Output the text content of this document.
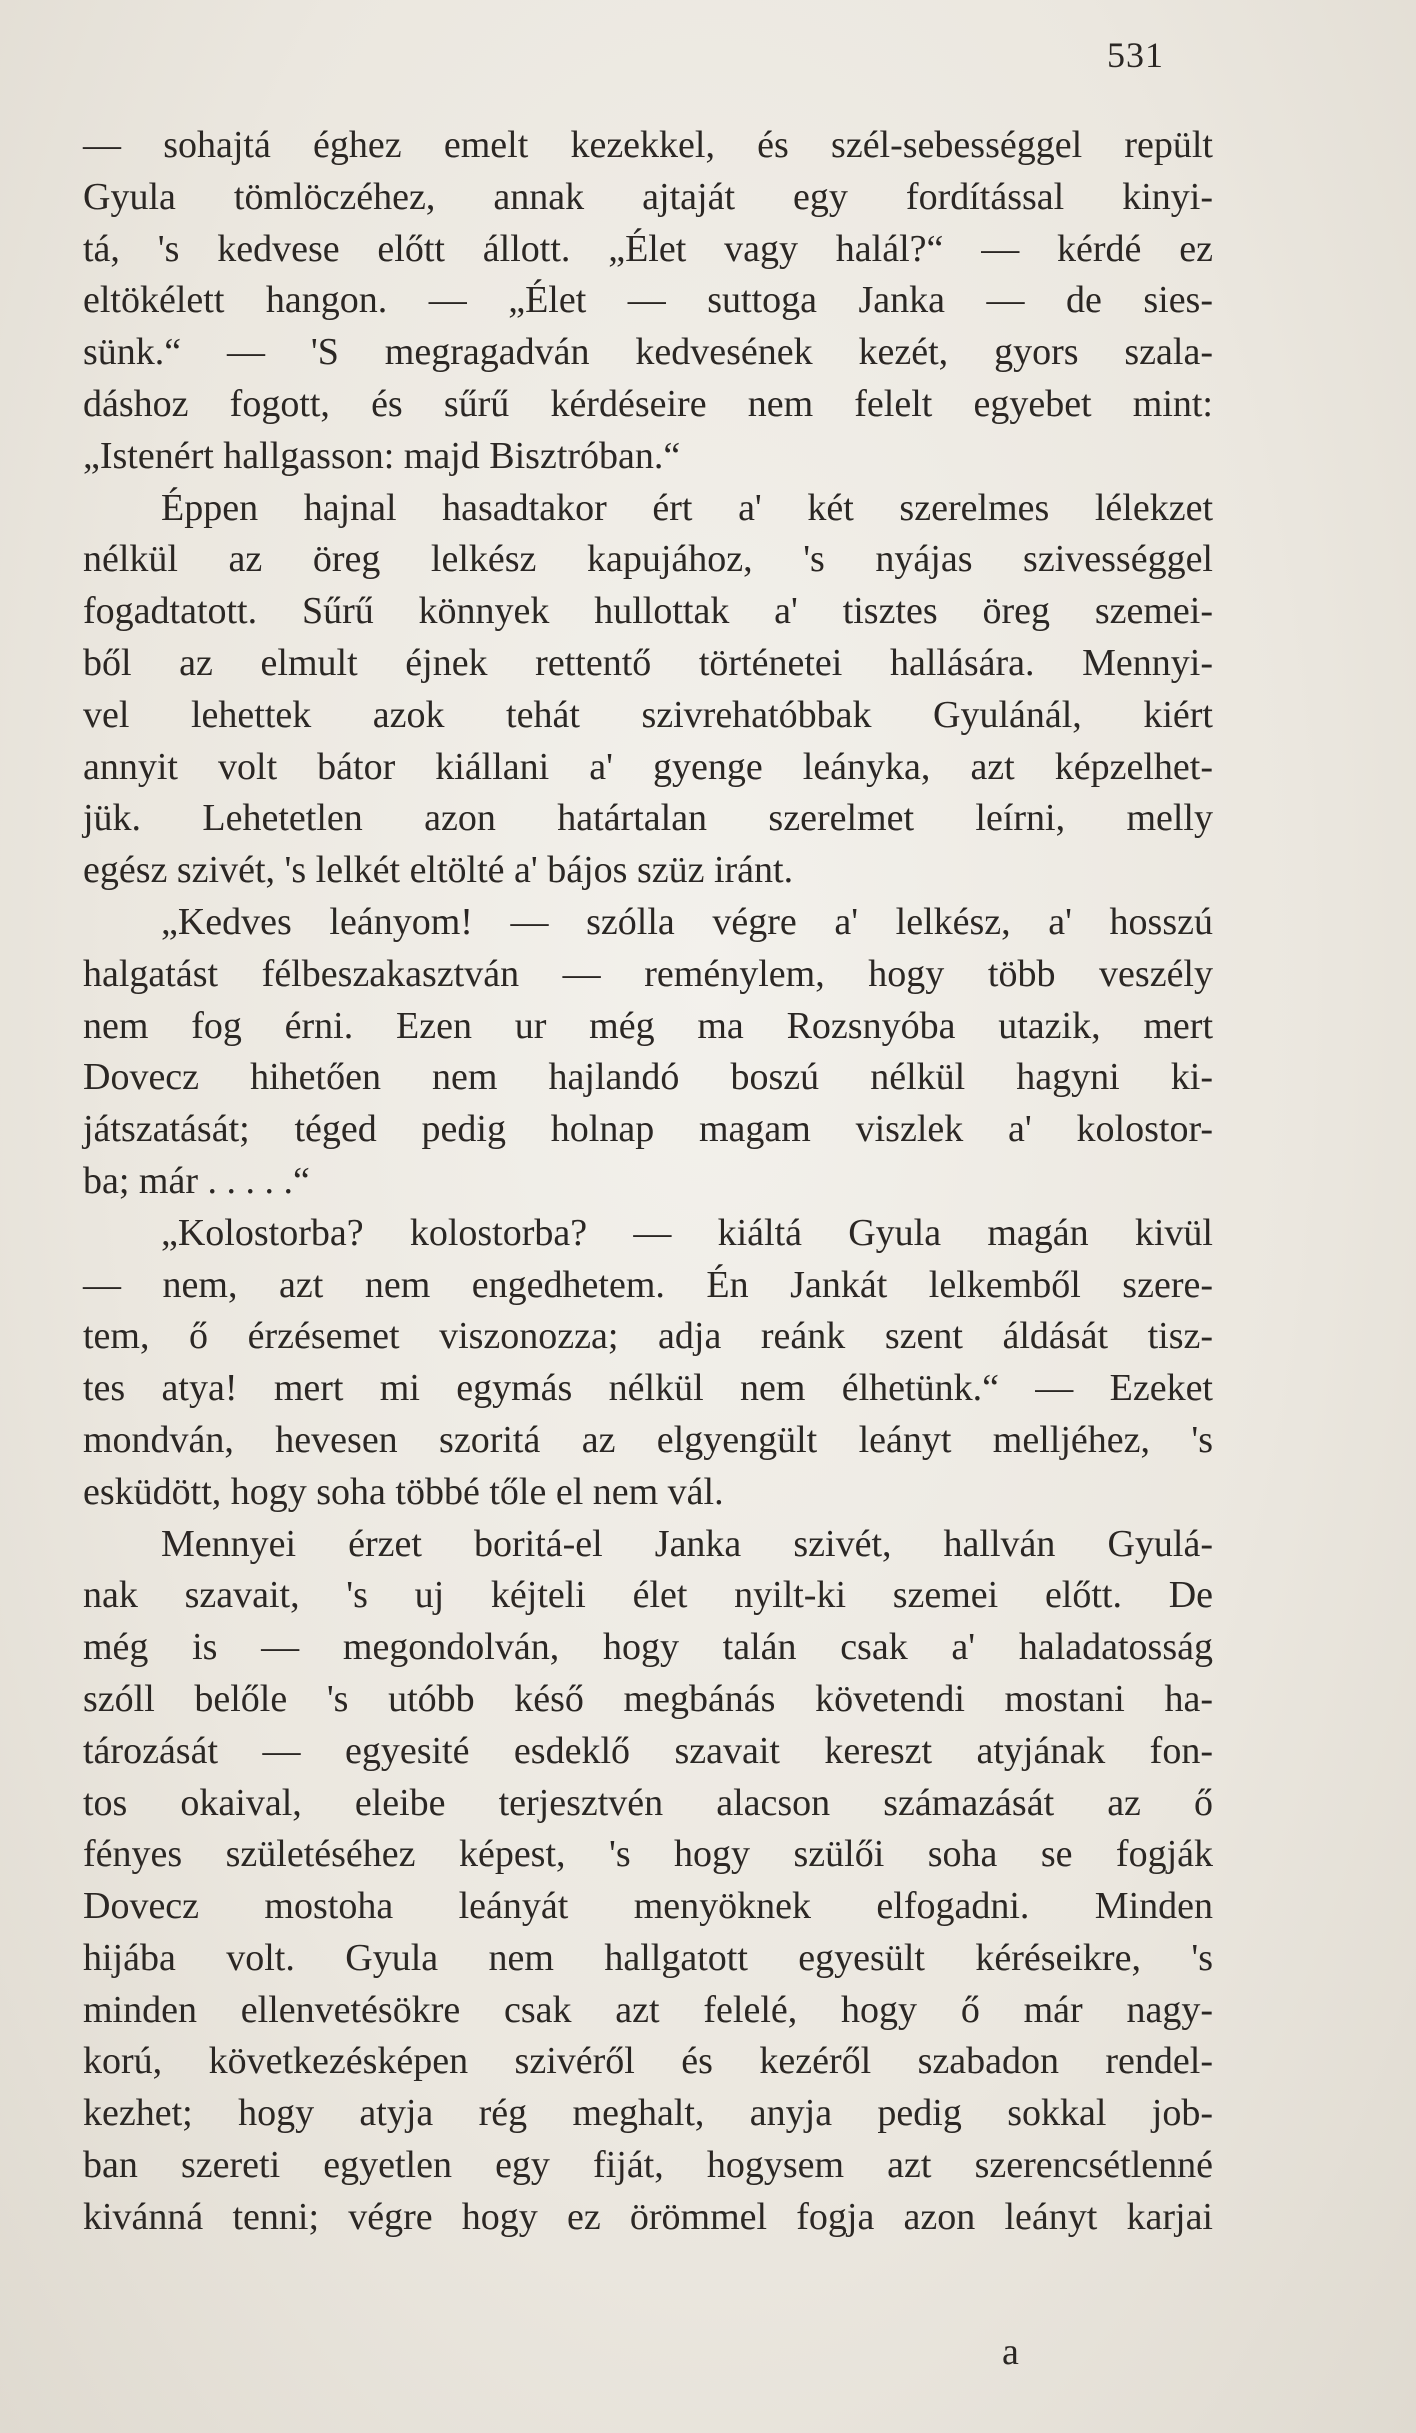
531
— sohajtá éghez emelt kezekkel, és szél-sebességgel repült
Gyula tömlöczéhez, annak ajtaját egy fordítással kinyi-
tá, 's kedvese előtt állott. „Élet vagy halál?“ — kérdé ez
eltökélett hangon. — „Élet — suttoga Janka — de sies-
sünk.“ — 'S megragadván kedvesének kezét, gyors szala-
dáshoz fogott, és sűrű kérdéseire nem felelt egyebet mint:
„Istenért hallgasson: majd Bisztróban.“
Éppen hajnal hasadtakor ért a' két szerelmes lélekzet
nélkül az öreg lelkész kapujához, 's nyájas szivességgel
fogadtatott. Sűrű könnyek hullottak a' tisztes öreg szemei-
ből az elmult éjnek rettentő történetei hallására. Mennyi-
vel lehettek azok tehát szivrehatóbbak Gyulánál, kiért
annyit volt bátor kiállani a' gyenge leányka, azt képzelhet-
jük. Lehetetlen azon határtalan szerelmet leírni, melly
egész szivét, 's lelkét eltölté a' bájos szüz iránt.
„Kedves leányom! — szólla végre a' lelkész, a' hosszú
halgatást félbeszakasztván — reménylem, hogy több veszély
nem fog érni. Ezen ur még ma Rozsnyóba utazik, mert
Dovecz hihetően nem hajlandó boszú nélkül hagyni ki-
játszatását; téged pedig holnap magam viszlek a' kolostor-
ba; már . . . . .“
„Kolostorba? kolostorba? — kiáltá Gyula magán kivül
— nem, azt nem engedhetem. Én Jankát lelkemből szere-
tem, ő érzésemet viszonozza; adja reánk szent áldását tisz-
tes atya! mert mi egymás nélkül nem élhetünk.“ — Ezeket
mondván, hevesen szoritá az elgyengült leányt melljéhez, 's
esküdött, hogy soha többé tőle el nem vál.
Mennyei érzet boritá-el Janka szivét, hallván Gyulá-
nak szavait, 's uj kéjteli élet nyilt-ki szemei előtt. De
még is — megondolván, hogy talán csak a' haladatosság
szóll belőle 's utóbb késő megbánás követendi mostani ha-
tározását — egyesité esdeklő szavait kereszt atyjának fon-
tos okaival, eleibe terjesztvén alacson számazását az ő
fényes születéséhez képest, 's hogy szülői soha se fogják
Dovecz mostoha leányát menyöknek elfogadni. Minden
hijába volt. Gyula nem hallgatott egyesült kéréseikre, 's
minden ellenvetésökre csak azt felelé, hogy ő már nagy-
korú, következésképen szivéről és kezéről szabadon rendel-
kezhet; hogy atyja rég meghalt, anyja pedig sokkal job-
ban szereti egyetlen egy fiját, hogysem azt szerencsétlenné
kivánná tenni; végre hogy ez örömmel fogja azon leányt karjai
a
